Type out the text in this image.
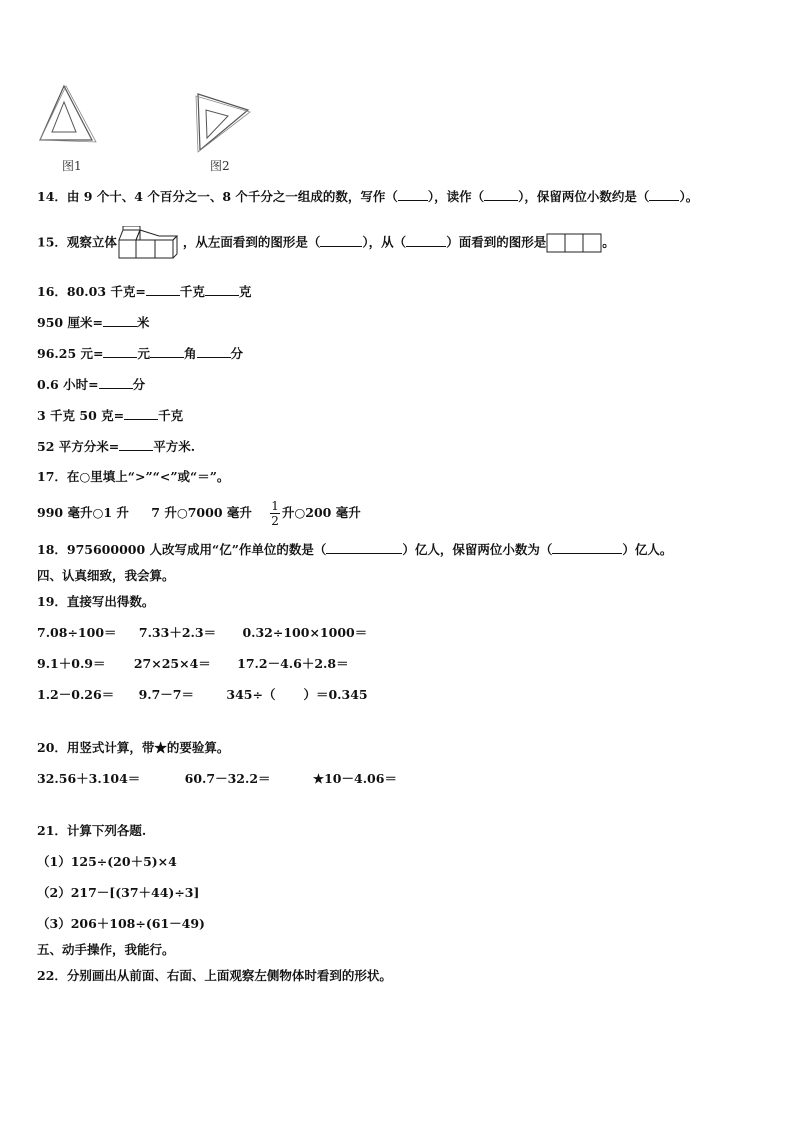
图1	图2
14．由 9 个十、4 个百分之一、8 个千分之一组成的数，写作（ ），读作（	），保留两位小数约是（ ）。
15．观察立体	，从左面看到的图形是（	），从（	）面看到的图形是	。
16．80.03 千克=	千克	克
950 厘米=	米
96.25 元=	元	角	分
0.6 小时=	分
3 千克 50 克=	千克
52 平方分米=	平方米.
17．在○里填上“>”“<”或“＝”。
990 毫升○1 升 7 升○7000 毫升 $\frac{1}{2}$ 升○200 毫升
18．975600000 人改写成用“亿”作单位的数是（	）亿人，保留两位小数为（	）亿人。
四、认真细致，我会算。
19．直接写出得数。
7.08÷100＝ 7.33＋2.3＝ 0.32÷100×1000＝
9.1＋0.9＝ 27×25×4＝ 17.2－4.6＋2.8＝
1.2－0.26＝ 9.7－7＝	345÷（ ）＝0.345
20．用竖式计算，带★的要验算。
32.56＋3.104＝	60.7－32.2＝	★10－4.06＝
21．计算下列各题.
（1）125÷(20＋5)×4
（2）217－[(37＋44)÷3]
（3）206＋108÷(61－49)
五、动手操作，我能行。
22．分别画出从前面、右面、上面观察左侧物体时看到的形状。
